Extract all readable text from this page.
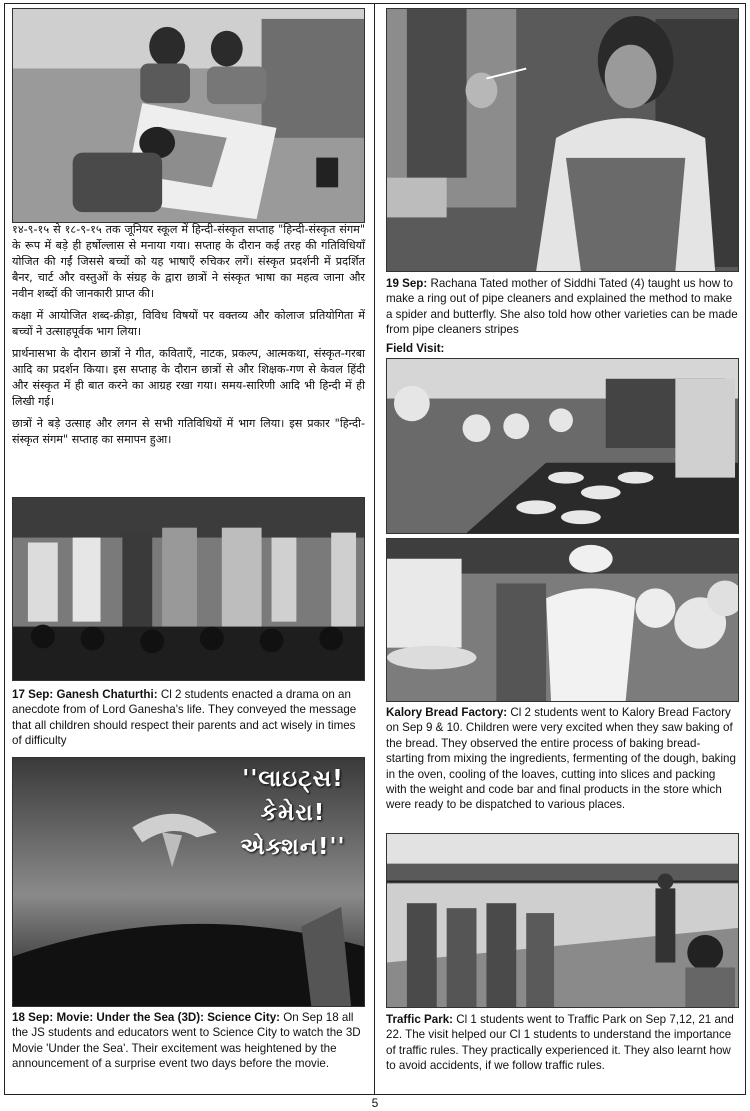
१४-९-१५ से १८-९-१५ तक जूनियर स्कूल में हिन्दी-संस्कृत सप्ताह "हिन्दी-संस्कृत संगम" के रूप में बड़े ही हर्षोल्लास से मनाया गया। सप्ताह के दौरान कई तरह की गतिविधियाँ योजित की गईं जिससे बच्चों को यह भाषाएँ रुचिकर लगें। संस्कृत प्रदर्शनी में प्रदर्शित बैनर, चार्ट और वस्तुओं के संग्रह के द्वारा छात्रों ने संस्कृत भाषा का महत्व जाना और नवीन शब्दों की जानकारी प्राप्त की।

कक्षा में आयोजित शब्द-क्रीड़ा, विविध विषयों पर वक्तव्य और कोलाज प्रतियोगिता में बच्चों ने उत्साहपूर्वक भाग लिया।

प्रार्थनासभा के दौरान छात्रों ने गीत, कविताएँ, नाटक, प्रकल्प, आत्मकथा, संस्कृत-गरबा आदि का प्रदर्शन किया। इस सप्ताह के दौरान छात्रों से और शिक्षक-गण से केवल हिंदी और संस्कृत में ही बात करने का आग्रह रखा गया। समय-सारिणी आदि भी हिन्दी में ही लिखी गई।

छात्रों ने बड़े उत्साह और लगन से सभी गतिविधियों में भाग लिया। इस प्रकार "हिन्दी-संस्कृत संगम" सप्ताह का समापन हुआ।

17 Sep: Ganesh Chaturthi: Cl 2 students enacted a drama on an anecdote from of Lord Ganesha's life. They conveyed the message that all children should respect their parents and act wisely in times of difficulty

''લાઇટ્સ! કેમેરા! એક્શન!''

18 Sep: Movie: Under the Sea (3D): Science City: On Sep 18 all the JS students and educators went to Science City to watch the 3D Movie 'Under the Sea'. Their excitement was heightened by the announcement of a surprise event two days before the movie.

19 Sep: Rachana Tated mother of Siddhi Tated (4) taught us how to make a ring out of pipe cleaners and explained the method to make a spider and butterfly. She also told how other varieties can be made from pipe cleaners stripes

Field Visit:

Kalory Bread Factory: Cl 2 students went to Kalory Bread Factory on Sep 9 & 10. Children were very excited when they saw baking of the bread. They observed the entire process of baking bread- starting from mixing the ingredients, fermenting of the dough, baking in the oven, cooling of the loaves, cutting into slices and packing with the weight and code bar and final products in the store which were ready to be dispatched to various places.

Traffic Park: Cl 1 students went to Traffic Park on Sep 7,12, 21 and 22. The visit helped our Cl 1 students to understand the importance of traffic rules. They practically experienced it. They also learnt how to avoid accidents, if we follow traffic rules.

5
